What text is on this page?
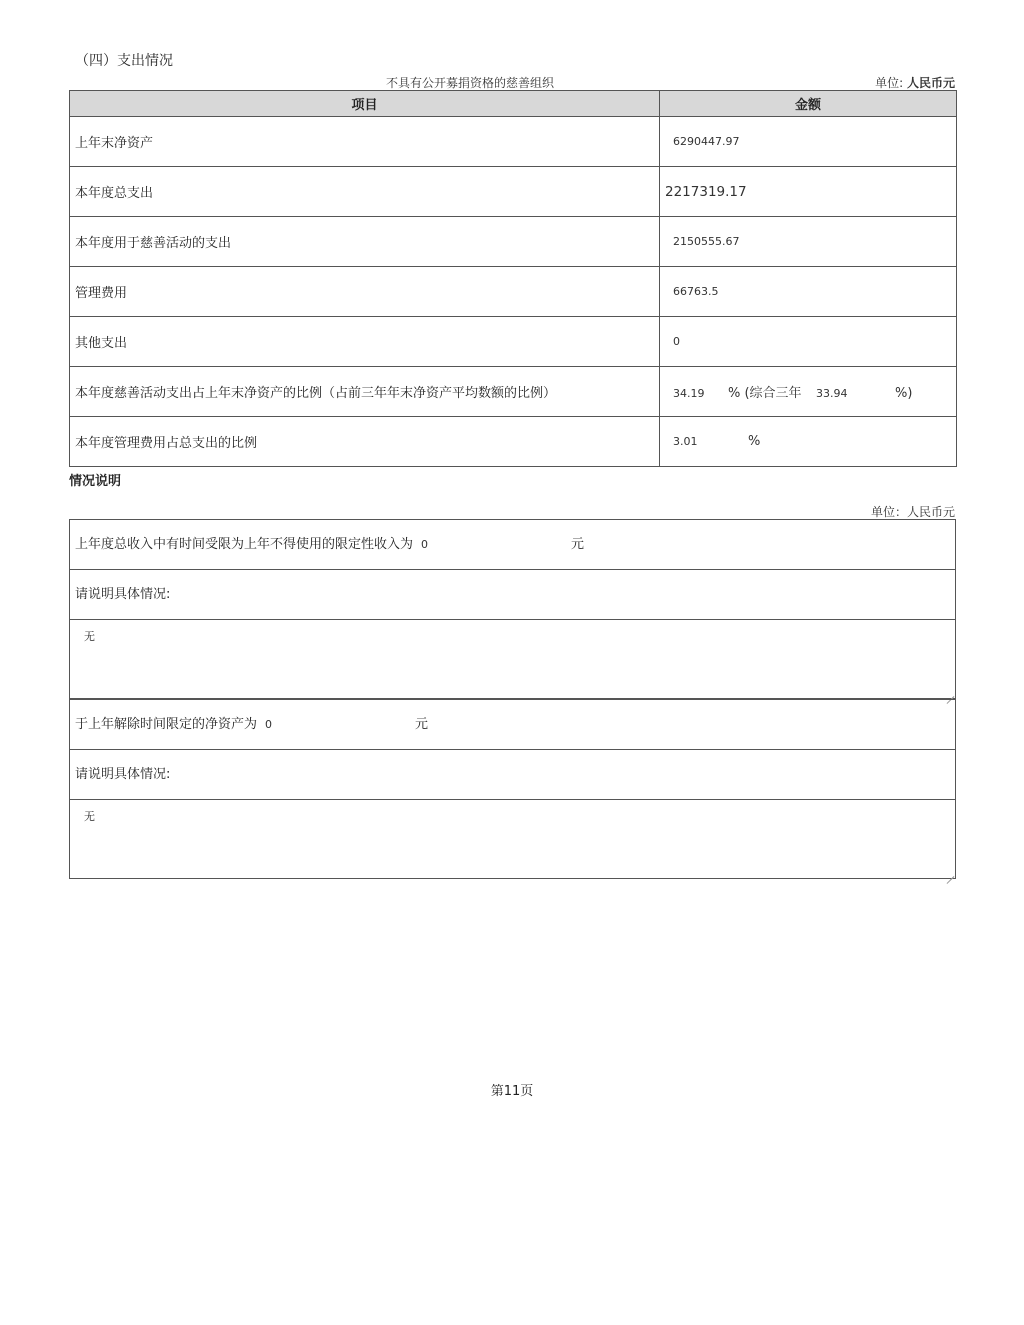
（四）支出情况
不具有公开募捐资格的慈善组织	单位: 人民币元
项目	金额
上年末净资产	6290447.97
本年度总支出	2217319.17
本年度用于慈善活动的支出	2150555.67
管理费用	66763.5
其他支出	0
本年度慈善活动支出占上年末净资产的比例（占前三年年末净资产平均数额的比例）	34.19 % (综合三年 33.94 %)
本年度管理费用占总支出的比例	3.01 %
情况说明
单位：人民币元
上年度总收入中有时间受限为上年不得使用的限定性收入为 0	元
请说明具体情况:
无
于上年解除时间限定的净资产为 0	元
请说明具体情况:
无
第11页
